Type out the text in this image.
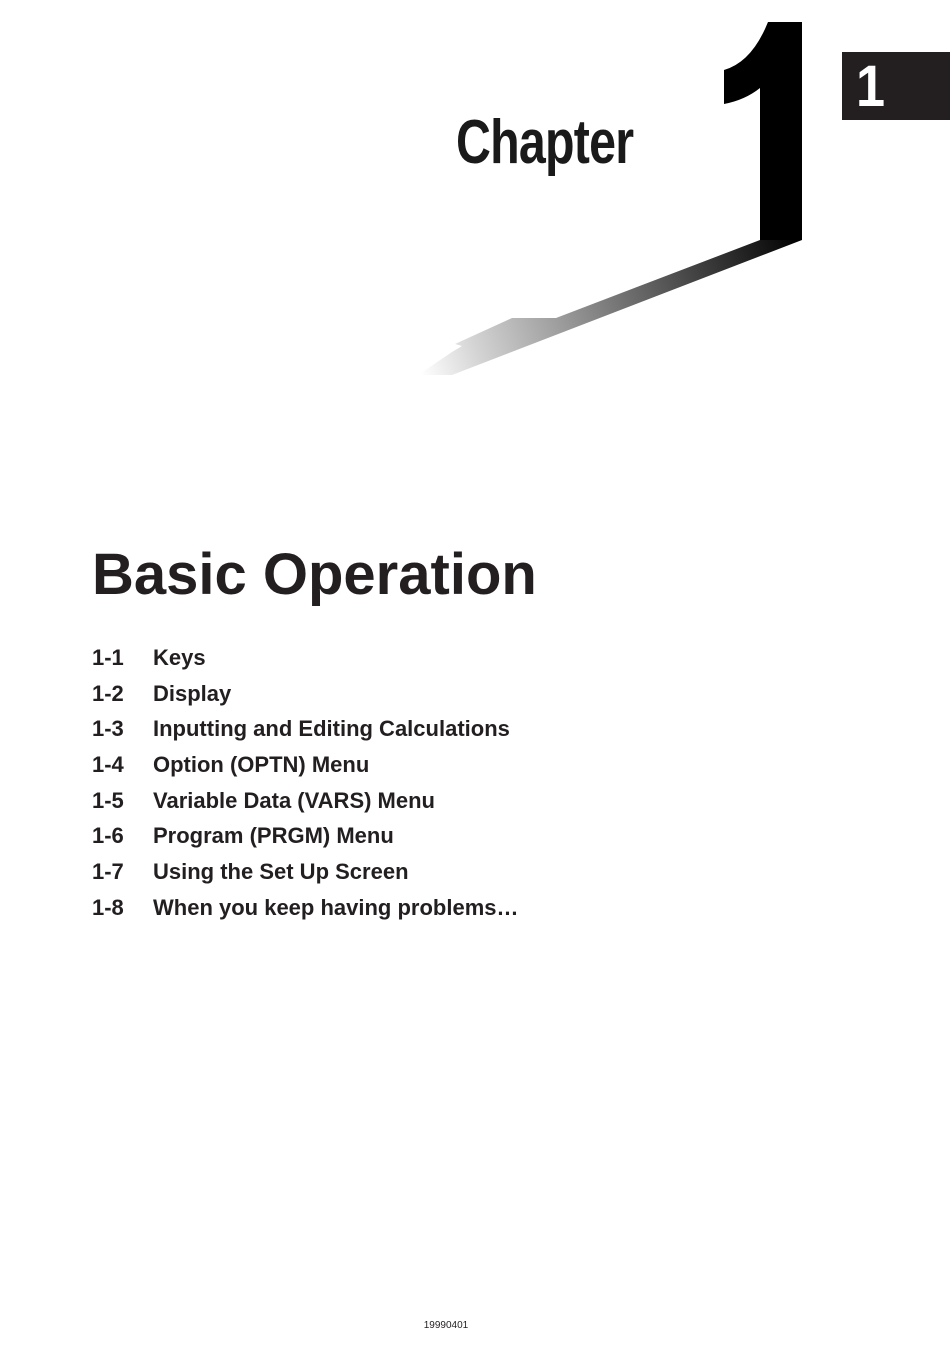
Chapter
1
Basic Operation
1-1 Keys
1-2 Display
1-3 Inputting and Editing Calculations
1-4 Option (OPTN) Menu
1-5 Variable Data (VARS) Menu
1-6 Program (PRGM) Menu
1-7 Using the Set Up Screen
1-8 When you keep having problems…
19990401
